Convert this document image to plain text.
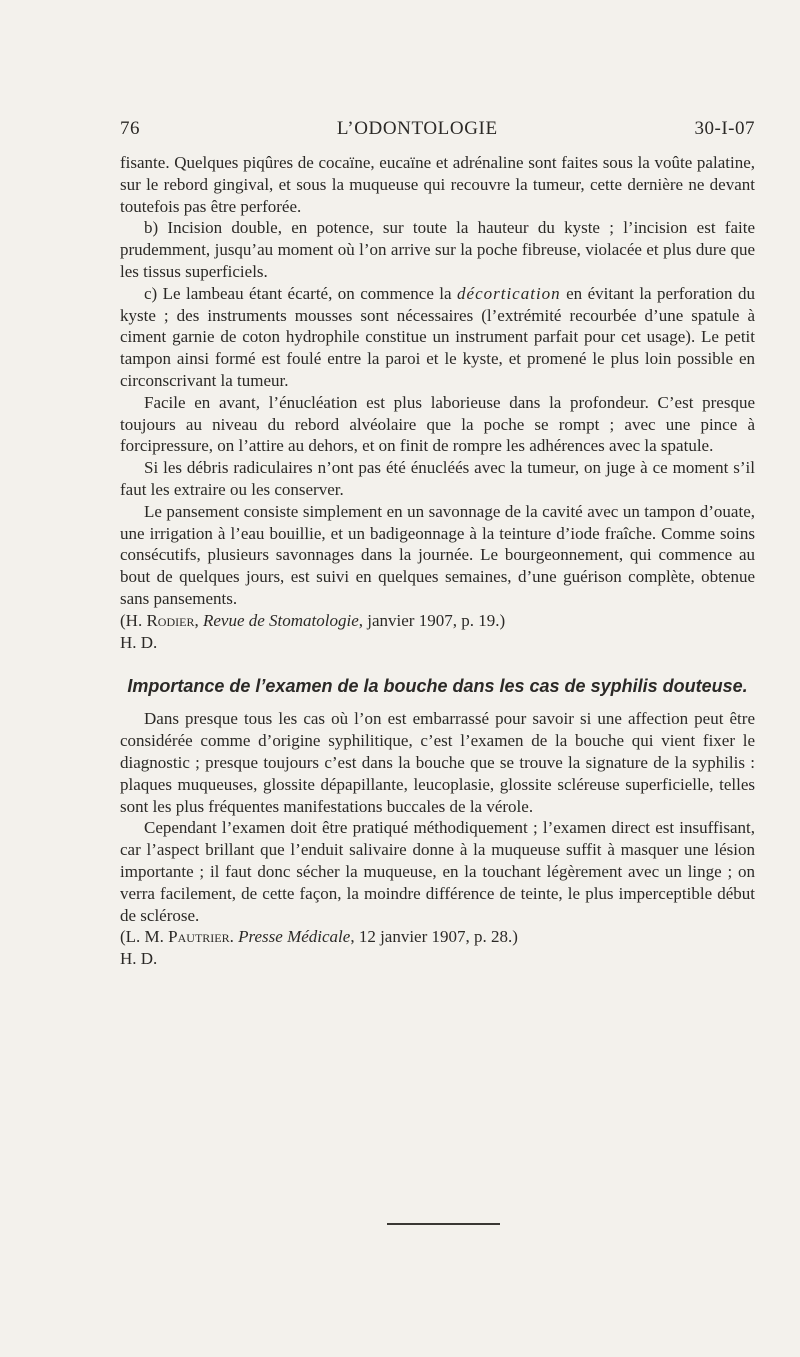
76	L’ODONTOLOGIE	30-I-07

fisante. Quelques piqûres de cocaïne, eucaïne et adrénaline sont faites sous la voûte palatine, sur le rebord gingival, et sous la muqueuse qui recouvre la tumeur, cette dernière ne devant toutefois pas être perforée.

b) Incision double, en potence, sur toute la hauteur du kyste ; l’incision est faite prudemment, jusqu’au moment où l’on arrive sur la poche fibreuse, violacée et plus dure que les tissus superficiels.

c) Le lambeau étant écarté, on commence la décortication en évitant la perforation du kyste ; des instruments mousses sont nécessaires (l’extrémité recourbée d’une spatule à ciment garnie de coton hydrophile constitue un instrument parfait pour cet usage). Le petit tampon ainsi formé est foulé entre la paroi et le kyste, et promené le plus loin possible en circonscrivant la tumeur.

Facile en avant, l’énucléation est plus laborieuse dans la profondeur. C’est presque toujours au niveau du rebord alvéolaire que la poche se rompt ; avec une pince à forcipressure, on l’attire au dehors, et on finit de rompre les adhérences avec la spatule.

Si les débris radiculaires n’ont pas été énucléés avec la tumeur, on juge à ce moment s’il faut les extraire ou les conserver.

Le pansement consiste simplement en un savonnage de la cavité avec un tampon d’ouate, une irrigation à l’eau bouillie, et un badigeonnage à la teinture d’iode fraîche. Comme soins consécutifs, plusieurs savonnages dans la journée. Le bourgeonnement, qui commence au bout de quelques jours, est suivi en quelques semaines, d’une guérison complète, obtenue sans pansements.

(H. Rodier, Revue de Stomatologie, janvier 1907, p. 19.)

H. D.

Importance de l’examen de la bouche dans les cas de syphilis douteuse.

Dans presque tous les cas où l’on est embarrassé pour savoir si une affection peut être considérée comme d’origine syphilitique, c’est l’examen de la bouche qui vient fixer le diagnostic ; presque toujours c’est dans la bouche que se trouve la signature de la syphilis : plaques muqueuses, glossite dépapillante, leucoplasie, glossite scléreuse superficielle, telles sont les plus fréquentes manifestations buccales de la vérole.

Cependant l’examen doit être pratiqué méthodiquement ; l’examen direct est insuffisant, car l’aspect brillant que l’enduit salivaire donne à la muqueuse suffit à masquer une lésion importante ; il faut donc sécher la muqueuse, en la touchant légèrement avec un linge ; on verra facilement, de cette façon, la moindre différence de teinte, le plus imperceptible début de sclérose.

(L. M. Pautrier. Presse Médicale, 12 janvier 1907, p. 28.)

H. D.
